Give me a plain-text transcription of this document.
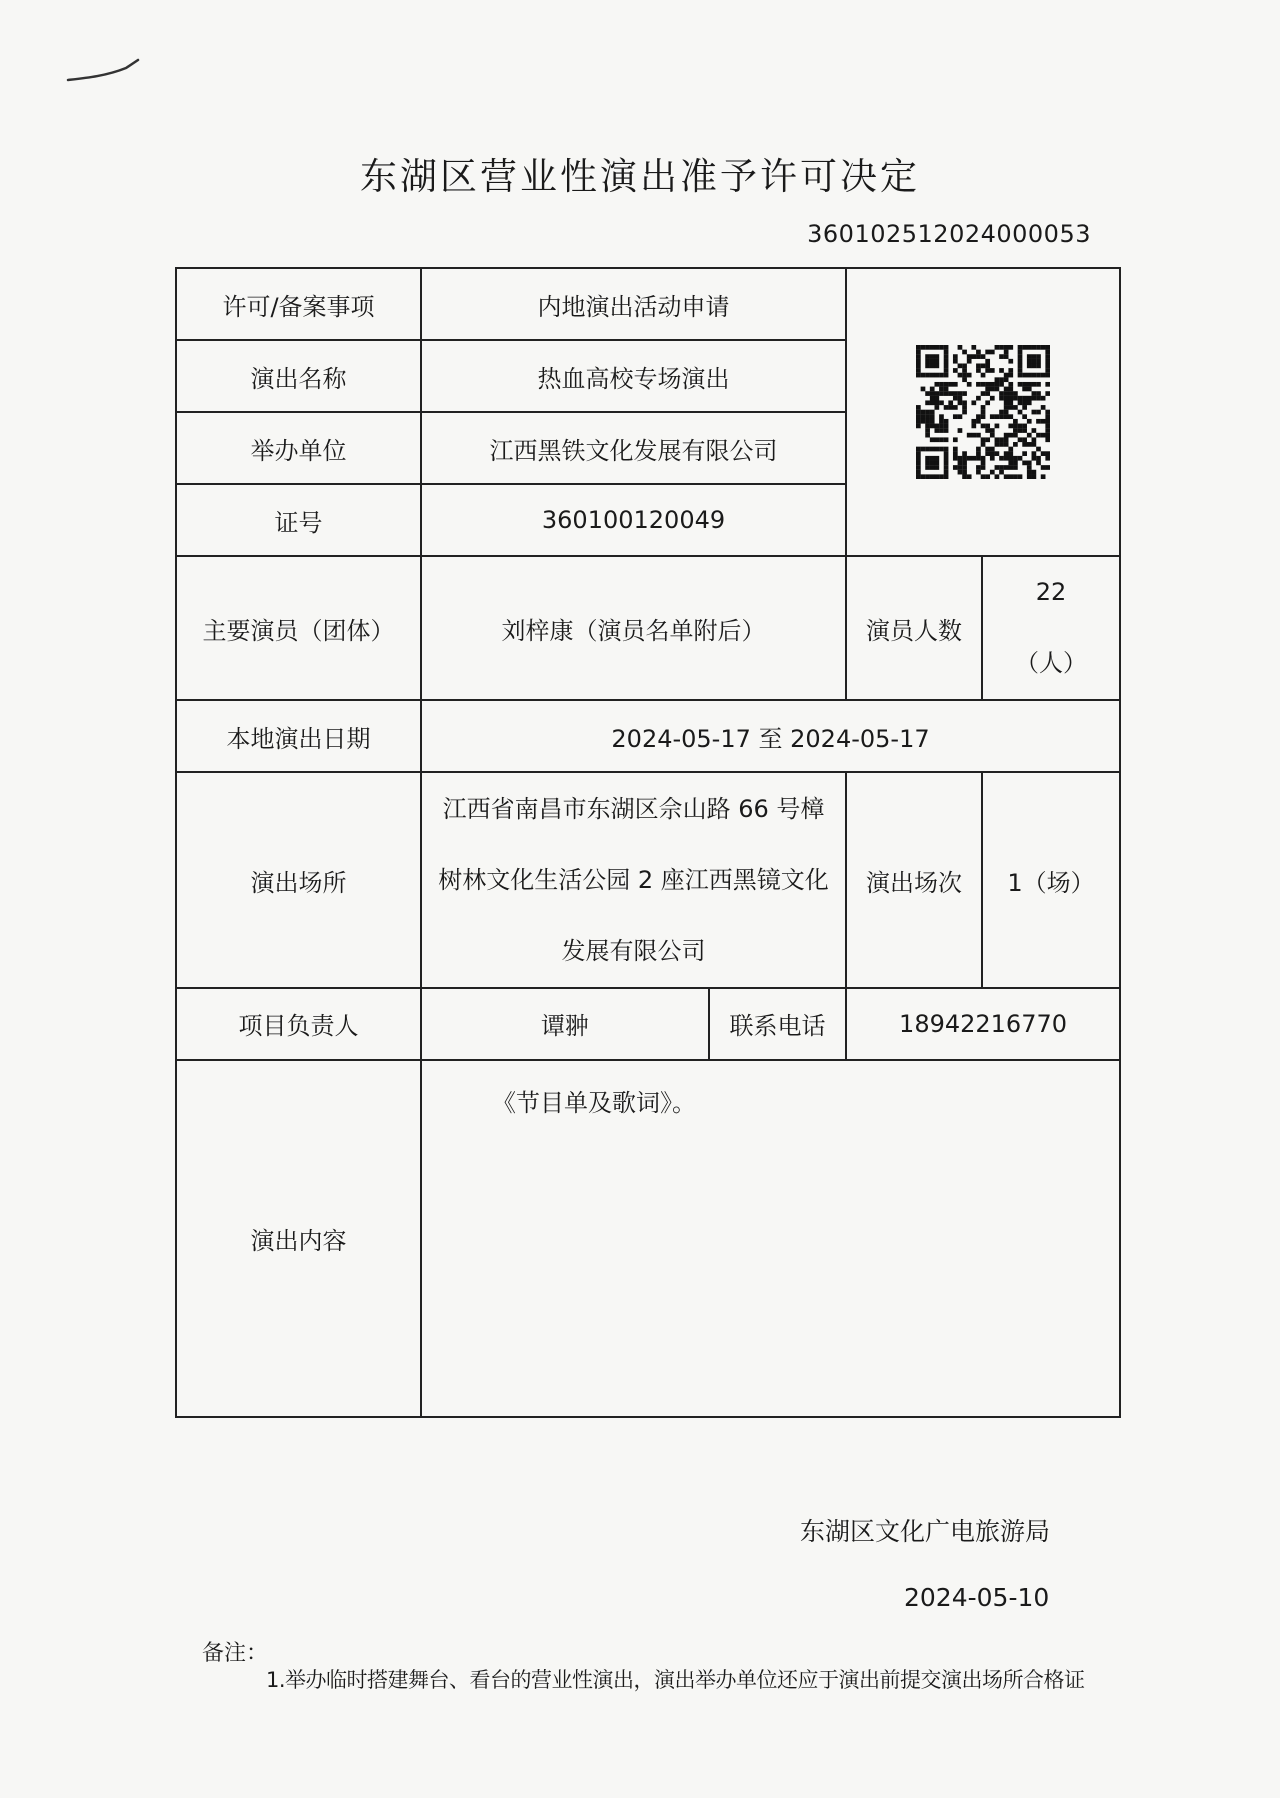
东湖区营业性演出准予许可决定
360102512024000053
许可/备案事项	内地演出活动申请	

演出名称	热血高校专场演出			
举办单位	江西黑铁文化发展有限公司			
证号	360100120049			
主要演员（团体）	刘梓康（演员名单附后）		演员人数	22
（人）

本地演出日期	2024-05-17 至 2024-05-17			
演出场所	江西省南昌市东湖区佘山路 66 号樟
树林文化生活公园 2 座江西黑镜文化
发展有限公司		演出场次	1（场）
项目负责人	谭翀	联系电话	18942216770	
演出内容	《节目单及歌词》。			
东湖区文化广电旅游局
2024-05-10
备注：
1.举办临时搭建舞台、看台的营业性演出，演出举办单位还应于演出前提交演出场所合格证
